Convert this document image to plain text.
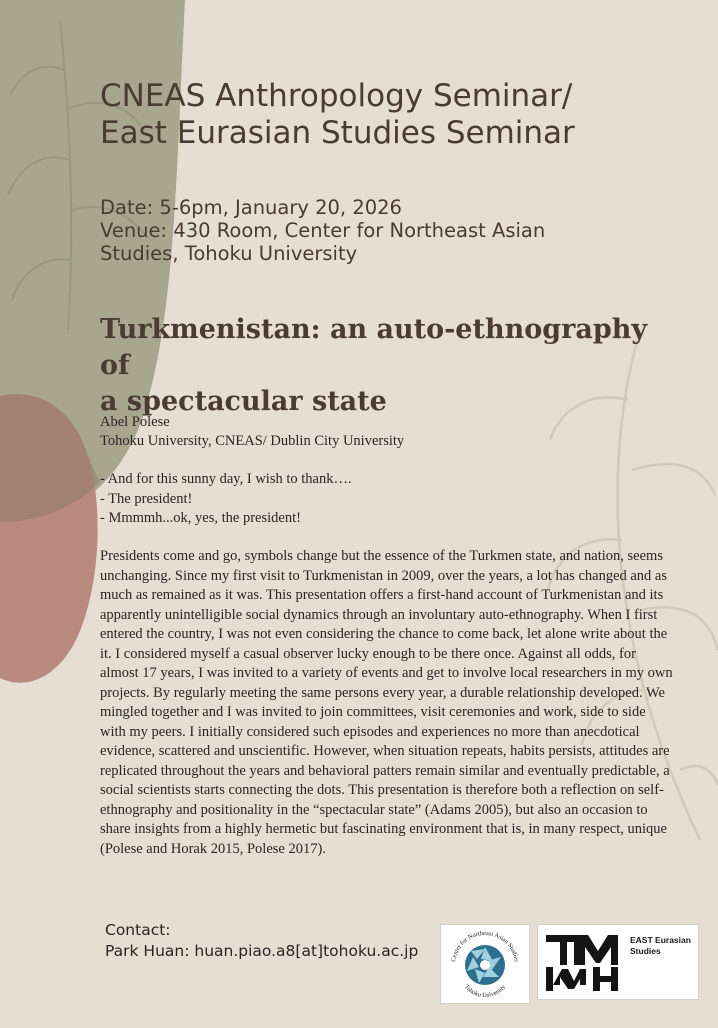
CNEAS Anthropology Seminar/
East Eurasian Studies Seminar
Date: 5-6pm, January 20, 2026
Venue: 430 Room, Center for Northeast Asian
Studies, Tohoku University
Turkmenistan: an auto-ethnography of
a spectacular state
Abel Polese
Tohoku University, CNEAS/ Dublin City University
- And for this sunny day, I wish to thank….
- The president!
- Mmmmh...ok, yes, the president!

Presidents come and go, symbols change but the essence of the Turkmen state, and nation, seems unchanging. Since my first visit to Turkmenistan in 2009, over the years, a lot has changed and as much as remained as it was. This presentation offers a first-hand account of Turkmenistan and its apparently unintelligible social dynamics through an involuntary auto-ethnography. When I first entered the country, I was not even considering the chance to come back, let alone write about the it. I considered myself a casual observer lucky enough to be there once. Against all odds, for almost 17 years, I was invited to a variety of events and get to involve local researchers in my own projects. By regularly meeting the same persons every year, a durable relationship developed. We mingled together and I was invited to join committees, visit ceremonies and work, side to side with my peers. I initially considered such episodes and experiences no more than anecdotical evidence, scattered and unscientific. However, when situation repeats, habits persists, attitudes are replicated throughout the years and behavioral patters remain similar and eventually predictable, a social scientists starts connecting the dots. This presentation is therefore both a reflection on self-ethnography and positionality in the “spectacular state” (Adams 2005), but also an occasion to share insights from a highly hermetic but fascinating environment that is, in many respect, unique (Polese and Horak 2015, Polese 2017).

Contact:
Park Huan: huan.piao.a8[at]tohoku.ac.jp	Center for Northeast Asian Studies
Tohoku University
EAST Eurasian
Studies
